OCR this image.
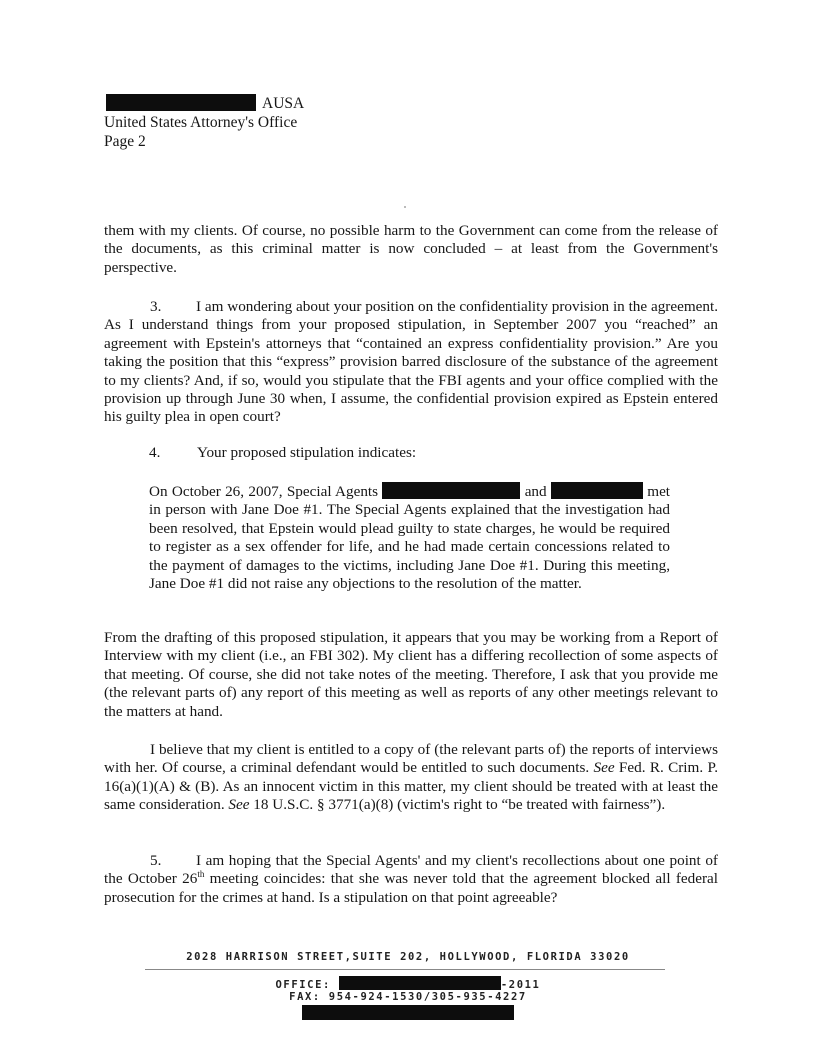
AUSA
United States Attorney's Office
Page 2

them with my clients. Of course, no possible harm to the Government can come from the release of the documents, as this criminal matter is now concluded – at least from the Government's perspective.

3. I am wondering about your position on the confidentiality provision in the agreement. As I understand things from your proposed stipulation, in September 2007 you “reached” an agreement with Epstein's attorneys that “contained an express confidentiality provision.” Are you taking the position that this “express” provision barred disclosure of the substance of the agreement to my clients? And, if so, would you stipulate that the FBI agents and your office complied with the provision up through June 30 when, I assume, the confidential provision expired as Epstein entered his guilty plea in open court?

4. Your proposed stipulation indicates:

On October 26, 2007, Special Agents	and	met in person with Jane Doe #1. The Special Agents explained that the investigation had been resolved, that Epstein would plead guilty to state charges, he would be required to register as a sex offender for life, and he had made certain concessions related to the payment of damages to the victims, including Jane Doe #1. During this meeting, Jane Doe #1 did not raise any objections to the resolution of the matter.

From the drafting of this proposed stipulation, it appears that you may be working from a Report of Interview with my client (i.e., an FBI 302). My client has a differing recollection of some aspects of that meeting. Of course, she did not take notes of the meeting. Therefore, I ask that you provide me (the relevant parts of) any report of this meeting as well as reports of any other meetings relevant to the matters at hand.

I believe that my client is entitled to a copy of (the relevant parts of) the reports of interviews with her. Of course, a criminal defendant would be entitled to such documents. See Fed. R. Crim. P. 16(a)(1)(A) & (B). As an innocent victim in this matter, my client should be treated with at least the same consideration. See 18 U.S.C. § 3771(a)(8) (victim's right to “be treated with fairness”).

5. I am hoping that the Special Agents' and my client's recollections about one point of the October 26th meeting coincides: that she was never told that the agreement blocked all federal prosecution for the crimes at hand. Is a stipulation on that point agreeable?

2028 HARRISON STREET,SUITE 202, HOLLYWOOD, FLORIDA 33020
OFFICE:	-2011
FAX: 954-924-1530/305-935-4227
